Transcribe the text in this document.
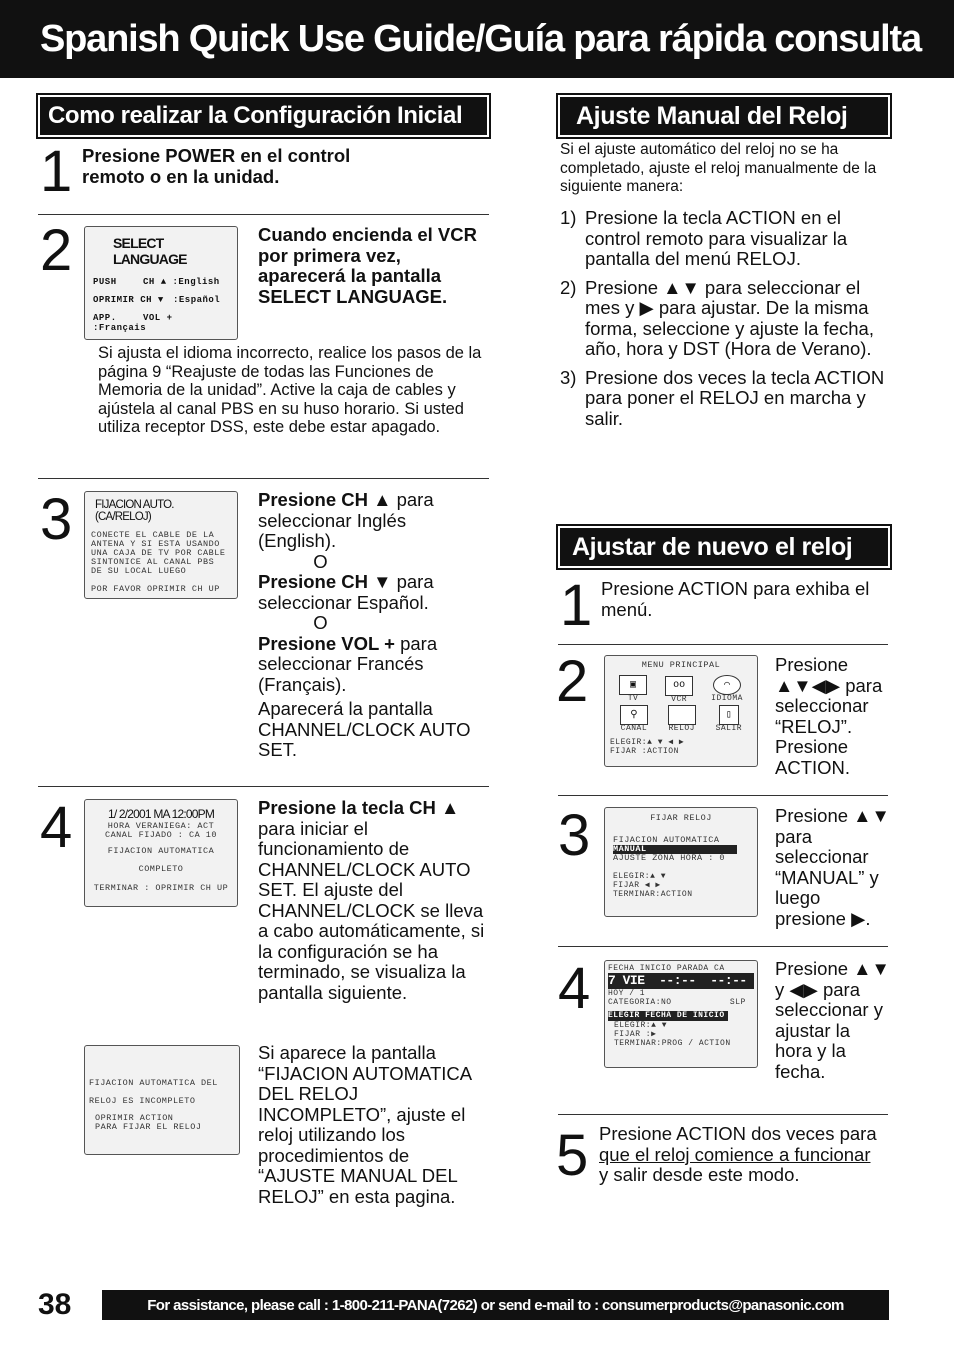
Spanish Quick Use Guide/Guía para rápida consulta
Como realizar la Configuración Inicial
1 Presione POWER en el control remoto o en la unidad.
2	SELECT LANGUAGE
PUSH	CH ▲ :English
OPRIMIR CH ▼ :Español
APP.	VOL + :Français
Cuando encienda el VCR por primera vez, aparecerá la pantalla SELECT LANGUAGE.
Si ajusta el idioma incorrecto, realice los pasos de la página 9 “Reajuste de todas las Funciones de Memoria de la unidad”. Active la caja de cables y ajústela al canal PBS en su huso horario. Si usted utiliza receptor DSS, este debe estar apagado.
3 FIJACION AUTO. (CA/RELOJ)
CONECTE EL CABLE DE LA
ANTENA Y SI ESTA USANDO
UNA CAJA DE TV POR CABLE
SINTONICE AL CANAL PBS
DE SU LOCAL LUEGO
POR FAVOR OPRIMIR CH UP
Presione CH ▲ para seleccionar Inglés (English).
O
Presione CH ▼ para seleccionar Español.
O
Presione VOL + para seleccionar Francés (Français).
Aparecerá la pantalla CHANNEL/CLOCK AUTO SET.
4	1/ 2/2001 MA 12:00PM
HORA VERANIEGA: ACT
CANAL FIJADO : CA 10
FIJACION AUTOMATICA
COMPLETO
TERMINAR : OPRIMIR CH UP
Presione la tecla CH ▲ para iniciar el funcionamiento de CHANNEL/CLOCK AUTO SET. El ajuste del CHANNEL/CLOCK se lleva a cabo automáticamente, si la configuración se ha terminado, se visualiza la pantalla siguiente.
FIJACION AUTOMATICA DEL
RELOJ ES INCOMPLETO
OPRIMIR ACTION
PARA FIJAR EL RELOJ
Si aparece la pantalla “FIJACION AUTOMATICA DEL RELOJ INCOMPLETO”, ajuste el reloj utilizando los procedimientos de “AJUSTE MANUAL DEL RELOJ” en esta pagina.
Ajuste Manual del Reloj
Si el ajuste automático del reloj no se ha completado, ajuste el reloj manualmente de la siguiente manera:
1) Presione la tecla ACTION en el control remoto para visualizar la pantalla del menú RELOJ.
2) Presione ▲▼ para seleccionar el mes y ▶ para ajustar. De la misma forma, seleccione y ajuste la fecha, año, hora y DST (Hora de Verano).
3) Presione dos veces la tecla ACTION para poner el RELOJ en marcha y salir.
Ajustar de nuevo el reloj
1 Presione ACTION para exhiba el menú.
2	MENU PRINCIPAL
▣
TV
oo
VCR
⌒
IDIOMA
⚲
CANAL
◷
RELOJ
▯
SALIR
ELEGIR:▲ ▼ ◀ ▶
FIJAR :ACTION
Presione ▲▼◀▶ para seleccionar “RELOJ”. Presione ACTION.
3	FIJAR RELOJ
FIJACION AUTOMATICA
MANUAL
AJUSTE ZONA HORA : 0
ELEGIR:▲ ▼
FIJAR ◀ ▶
TERMINAR:ACTION
Presione ▲▼ para seleccionar “MANUAL” y luego presione ▶.
4 FECHA INICIO PARADA CA
7 VIE  --:--  --:--  --
HOY / 1
CATEGORIA:NO           SLP
ELEGIR FECHA DE INICIO
ELEGIR:▲ ▼
FIJAR :▶
TERMINAR:PROG / ACTION
Presione ▲▼ y ◀▶ para seleccionar y ajustar la hora y la fecha.
5 Presione ACTION dos veces para que el reloj comience a funcionar y salir desde este modo.
38	For assistance, please call : 1-800-211-PANA(7262) or send e-mail to : consumerproducts@panasonic.com
